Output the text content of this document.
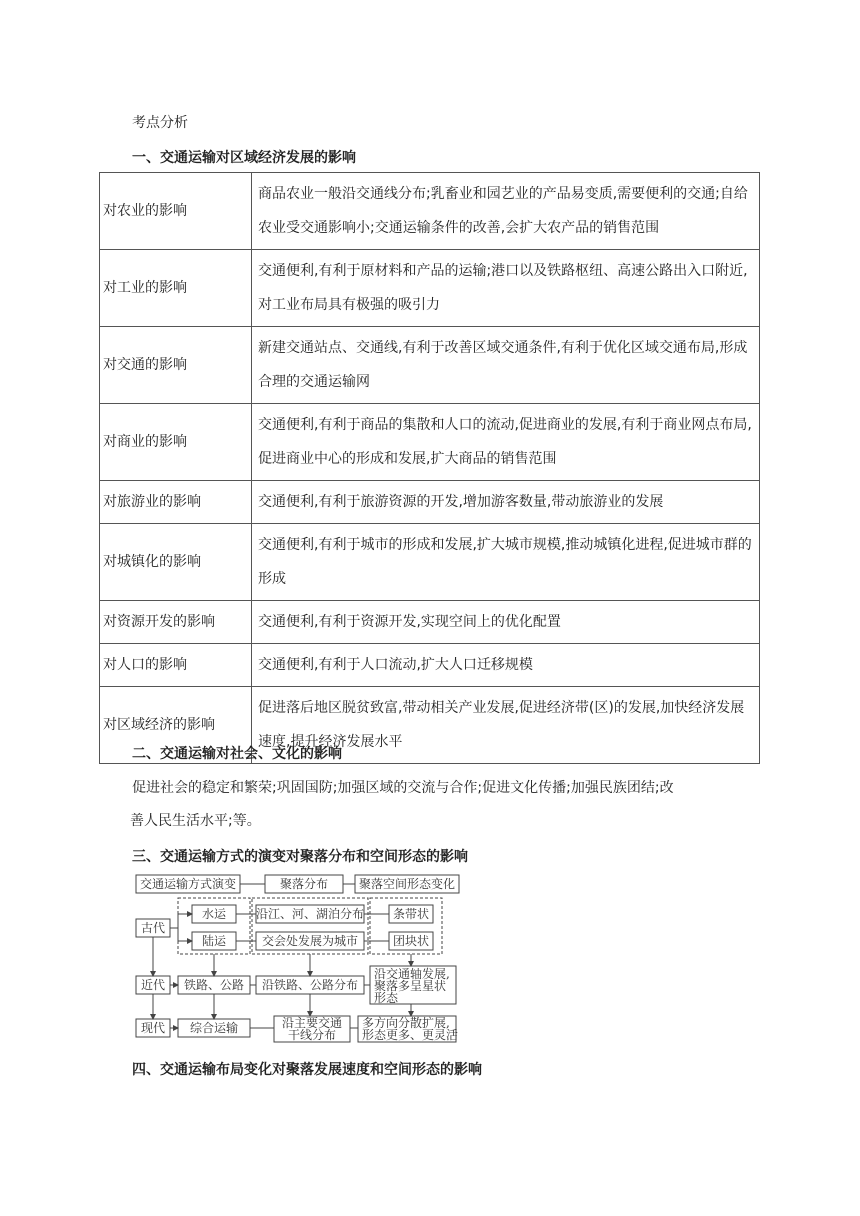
考点分析
一、交通运输对区域经济发展的影响
对农业的影响	商品农业一般沿交通线分布;乳畜业和园艺业的产品易变质,需要便利的交通;自给农业受交通影响小;交通运输条件的改善,会扩大农产品的销售范围
对工业的影响	交通便利,有利于原材料和产品的运输;港口以及铁路枢纽、高速公路出入口附近,对工业布局具有极强的吸引力
对交通的影响	新建交通站点、交通线,有利于改善区域交通条件,有利于优化区域交通布局,形成合理的交通运输网
对商业的影响	交通便利,有利于商品的集散和人口的流动,促进商业的发展,有利于商业网点布局,促进商业中心的形成和发展,扩大商品的销售范围
对旅游业的影响	交通便利,有利于旅游资源的开发,增加游客数量,带动旅游业的发展
对城镇化的影响	交通便利,有利于城市的形成和发展,扩大城市规模,推动城镇化进程,促进城市群的形成
对资源开发的影响	交通便利,有利于资源开发,实现空间上的优化配置
对人口的影响	交通便利,有利于人口流动,扩大人口迁移规模
对区域经济的影响	促进落后地区脱贫致富,带动相关产业发展,促进经济带(区)的发展,加快经济发展速度,提升经济发展水平
二、交通运输对社会、文化的影响
促进社会的稳定和繁荣;巩固国防;加强区域的交流与合作;促进文化传播;加强民族团结;改
善人民生活水平;等。
三、交通运输方式的演变对聚落分布和空间形态的影响
交通运输方式演变	聚落分布	聚落空间形态变化
古代
水运
陆运
沿江、河、湖泊分布
交会处发展为城市
条带状
团块状
近代 铁路、公路 沿铁路、公路分布
沿交通轴发展,
聚落多呈星状
形态
现代 综合运输	沿主要交通
干线分布
多方向分散扩展,
形态更多、更灵活
四、交通运输布局变化对聚落发展速度和空间形态的影响
